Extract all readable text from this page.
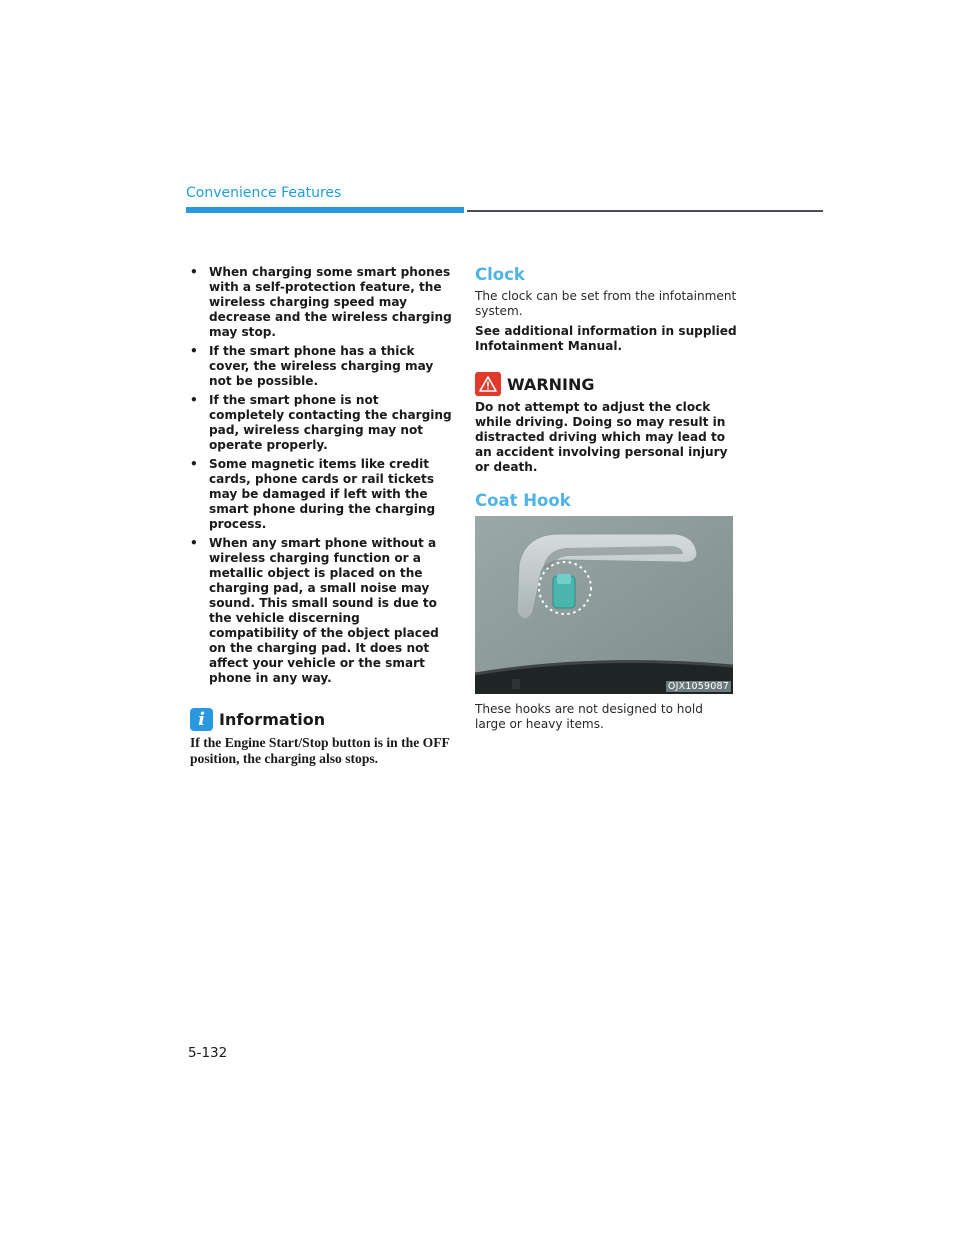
Convenience Features
• When charging some smart phones with a self-protection feature, the wireless charging speed may decrease and the wireless charging may stop.
• If the smart phone has a thick cover, the wireless charging may not be possible.
• If the smart phone is not completely contacting the charging pad, wireless charging may not operate properly.
• Some magnetic items like credit cards, phone cards or rail tickets may be damaged if left with the smart phone during the charging process.
• When any smart phone without a wireless charging function or a metallic object is placed on the charging pad, a small noise may sound. This small sound is due to the vehicle discerning compatibility of the object placed on the charging pad. It does not affect your vehicle or the smart phone in any way.
i Information
If the Engine Start/Stop button is in the OFF position, the charging also stops.
Clock

The clock can be set from the infotainment system.

See additional information in supplied Infotainment Manual.

WARNING
Do not attempt to adjust the clock while driving. Doing so may result in distracted driving which may lead to an accident involving personal injury or death.
Coat Hook
OJX1059087
These hooks are not designed to hold large or heavy items.
5-132
